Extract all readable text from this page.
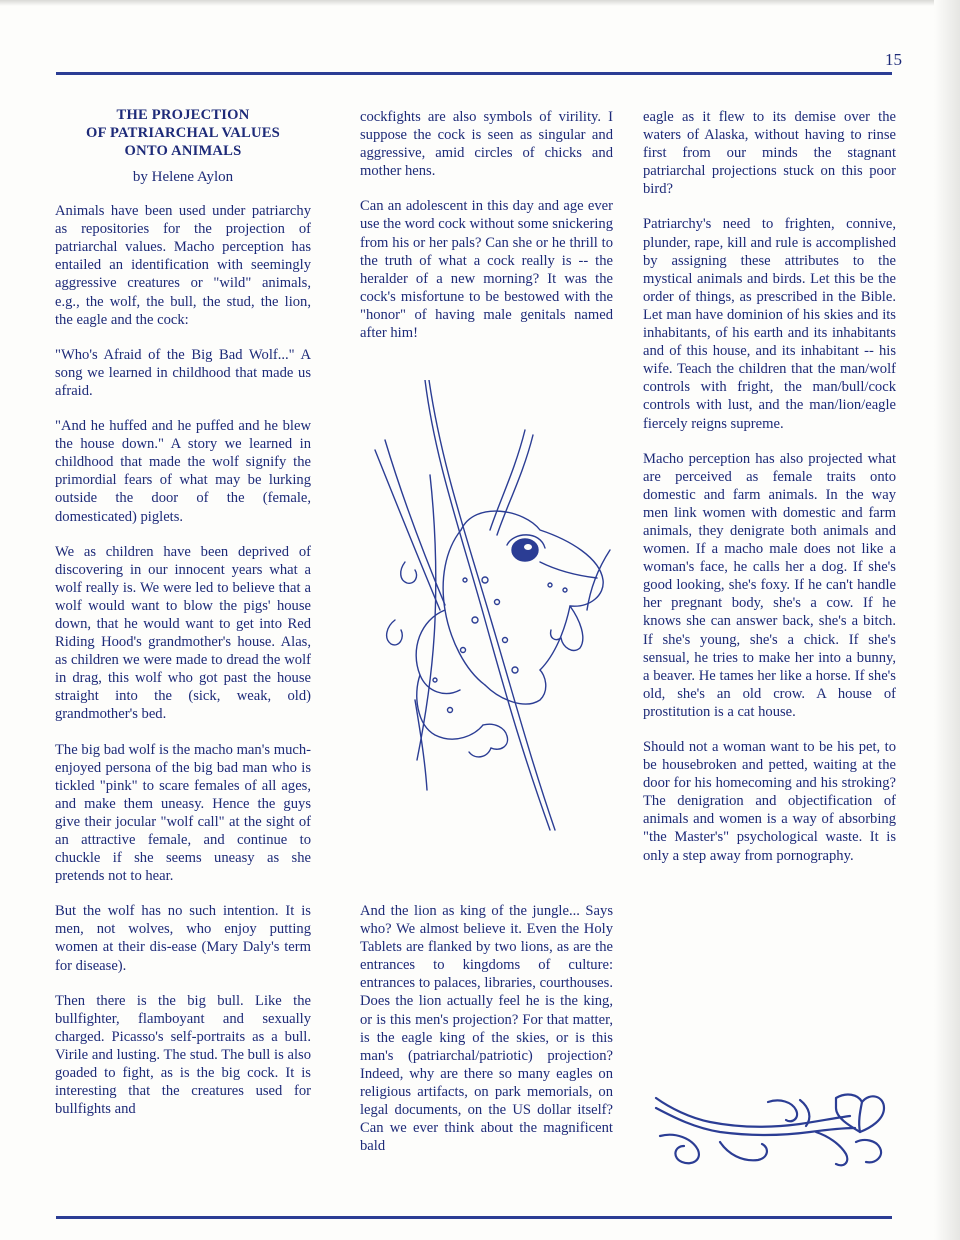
15
THE PROJECTION
OF PATRIARCHAL VALUES
ONTO ANIMALS
by Helene Aylon

Animals have been used under patriarchy as repositories for the projection of patriarchal values. Macho perception has entailed an identification with seemingly aggressive creatures or "wild" animals, e.g., the wolf, the bull, the stud, the lion, the eagle and the cock:

"Who's Afraid of the Big Bad Wolf..." A song we learned in childhood that made us afraid.

"And he huffed and he puffed and he blew the house down." A story we learned in childhood that made the wolf signify the primordial fears of what may be lurking outside the door of the (female, domesticated) piglets.

We as children have been deprived of discovering in our innocent years what a wolf really is. We were led to believe that a wolf would want to blow the pigs' house down, that he would want to get into Red Riding Hood's grandmother's house. Alas, as children we were made to dread the wolf in drag, this wolf who got past the house straight into the (sick, weak, old) grandmother's bed.

The big bad wolf is the macho man's much-enjoyed persona of the big bad man who is tickled "pink" to scare females of all ages, and make them uneasy. Hence the guys give their jocular "wolf call" at the sight of an attractive female, and continue to chuckle if she seems uneasy as she pretends not to hear.

But the wolf has no such intention. It is men, not wolves, who enjoy putting women at their dis-ease (Mary Daly's term for disease).

Then there is the big bull. Like the bullfighter, flamboyant and sexually charged. Picasso's self-portraits as a bull. Virile and lusting. The stud. The bull is also goaded to fight, as is the big cock. It is interesting that the creatures used for bullfights and

cockfights are also symbols of virility. I suppose the cock is seen as singular and aggressive, amid circles of chicks and mother hens.

Can an adolescent in this day and age ever use the word cock without some snickering from his or her pals? Can she or he thrill to the truth of what a cock really is -- the heralder of a new morning? It was the cock's misfortune to be bestowed with the "honor" of having male genitals named after him!

And the lion as king of the jungle... Says who? We almost believe it. Even the Holy Tablets are flanked by two lions, as are the entrances to kingdoms of culture: entrances to palaces, libraries, courthouses. Does the lion actually feel he is the king, or is this men's projection? For that matter, is the eagle king of the skies, or is this man's (patriarchal/patriotic) projection? Indeed, why are there so many eagles on religious artifacts, on park memorials, on legal documents, on the US dollar itself? Can we ever think about the magnificent bald

eagle as it flew to its demise over the waters of Alaska, without having to rinse first from our minds the stagnant patriarchal projections stuck on this poor bird?

Patriarchy's need to frighten, connive, plunder, rape, kill and rule is accomplished by assigning these attributes to the mystical animals and birds. Let this be the order of things, as prescribed in the Bible. Let man have dominion of his skies and its inhabitants, of his earth and its inhabitants and of this house, and its inhabitant -- his wife. Teach the children that the man/wolf controls with fright, the man/bull/cock controls with lust, and the man/lion/eagle fiercely reigns supreme.

Macho perception has also projected what are perceived as female traits onto domestic and farm animals. In the way men link women with domestic and farm animals, they denigrate both animals and women. If a macho male does not like a woman's face, he calls her a dog. If she's good looking, she's foxy. If he can't handle her pregnant body, she's a cow. If he knows she can answer back, she's a bitch. If she's young, she's a chick. If she's sensual, he tries to make her into a bunny, a beaver. He tames her like a horse. If she's old, she's an old crow. A house of prostitution is a cat house.

Should not a woman want to be his pet, to be housebroken and petted, waiting at the door for his homecoming and his stroking? The denigration and objectification of animals and women is a way of absorbing "the Master's" psychological waste. It is only a step away from pornography.
